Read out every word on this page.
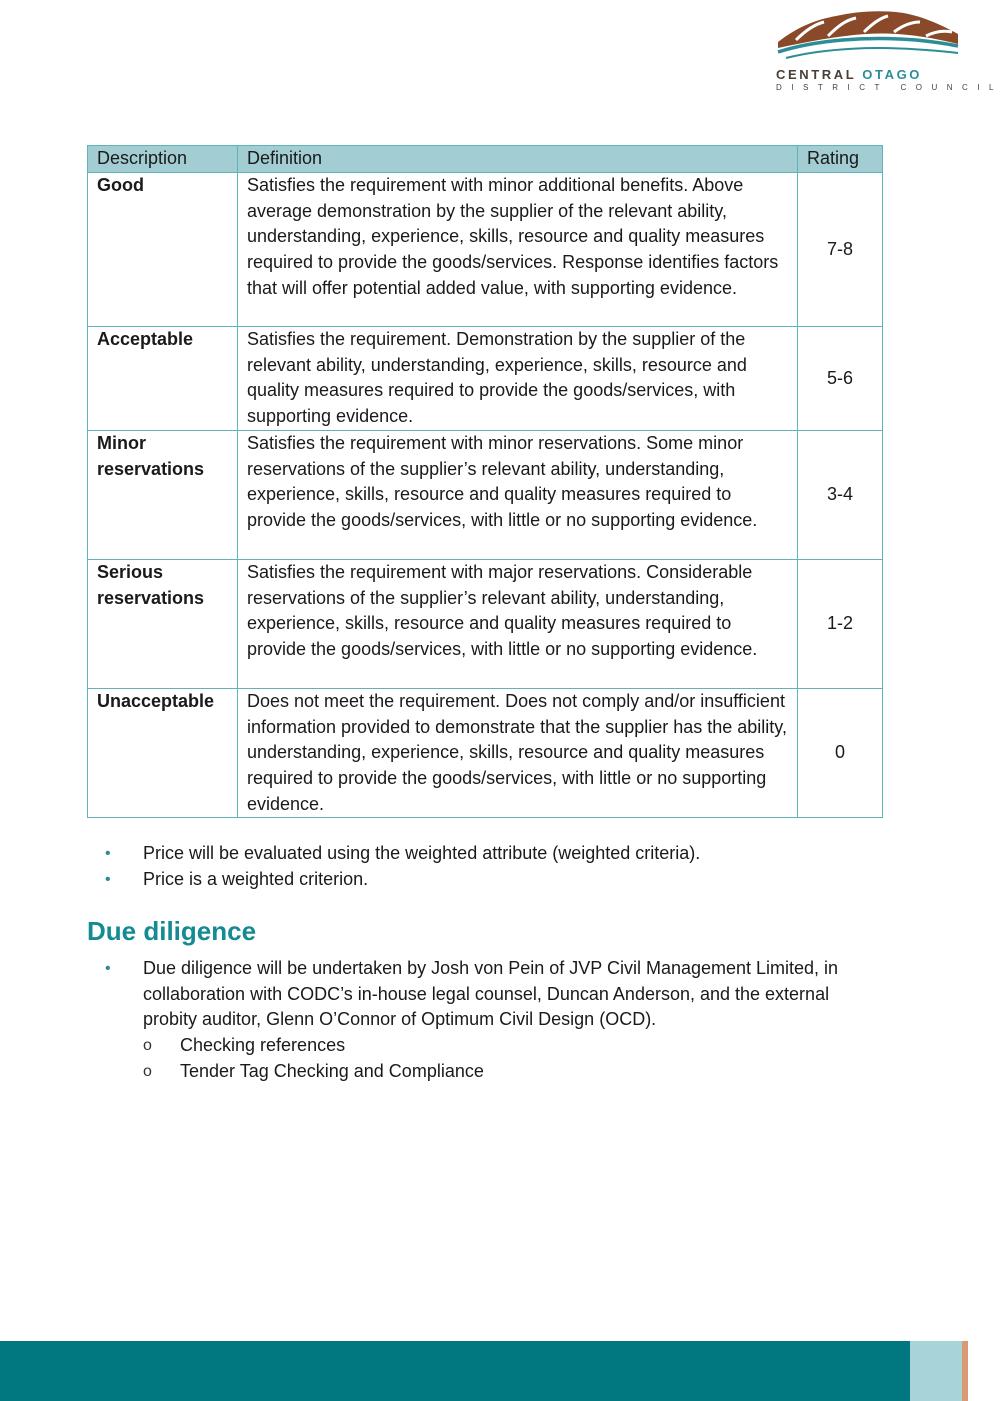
CENTRAL OTAGO
DISTRICT COUNCIL
Description	Definition	Rating
Good	Satisfies the requirement with minor additional benefits. Above average demonstration by the supplier of the relevant ability, understanding, experience, skills, resource and quality measures required to provide the goods/services. Response identifies factors that will offer potential added value, with supporting evidence.	7-8
Acceptable	Satisfies the requirement. Demonstration by the supplier of the relevant ability, understanding, experience, skills, resource and quality measures required to provide the goods/services, with supporting evidence.	5-6
Minor reservations	Satisfies the requirement with minor reservations. Some minor reservations of the supplier’s relevant ability, understanding, experience, skills, resource and quality measures required to provide the goods/services, with little or no supporting evidence.	3-4
Serious reservations	Satisfies the requirement with major reservations. Considerable reservations of the supplier’s relevant ability, understanding, experience, skills, resource and quality measures required to provide the goods/services, with little or no supporting evidence.	1-2
Unacceptable	Does not meet the requirement. Does not comply and/or insufficient information provided to demonstrate that the supplier has the ability, understanding, experience, skills, resource and quality measures required to provide the goods/services, with little or no supporting evidence.	0
• Price will be evaluated using the weighted attribute (weighted criteria).
• Price is a weighted criterion.
Due diligence
• Due diligence will be undertaken by Josh von Pein of JVP Civil Management Limited, in collaboration with CODC’s in-house legal counsel, Duncan Anderson, and the external probity auditor, Glenn O’Connor of Optimum Civil Design (OCD).
o Checking references
o Tender Tag Checking and Compliance
